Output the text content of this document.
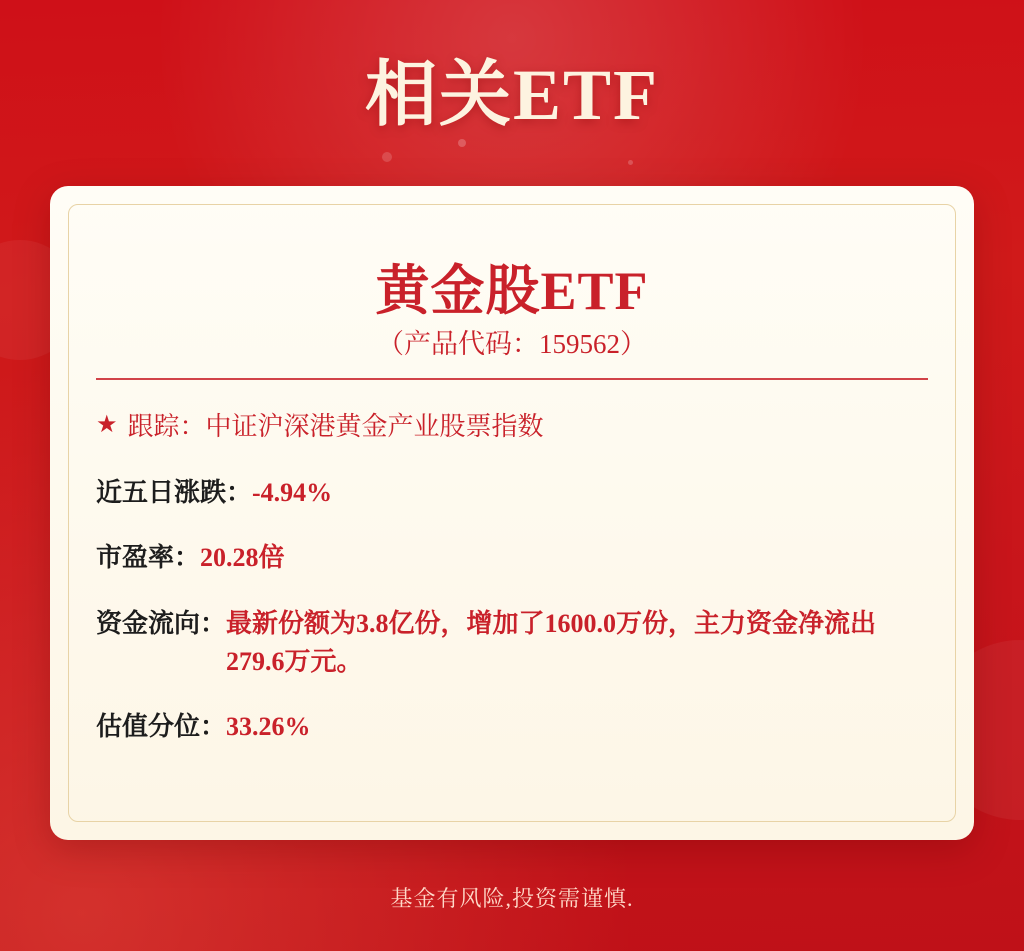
相关ETF
黄金股ETF
（产品代码：159562）
★ 跟踪： 中证沪深港黄金产业股票指数
近五日涨跌： -4.94%
市盈率： 20.28倍
资金流向： 最新份额为3.8亿份，增加了1600.0万份，主力资金净流出279.6万元。
估值分位： 33.26%
基金有风险,投资需谨慎.
